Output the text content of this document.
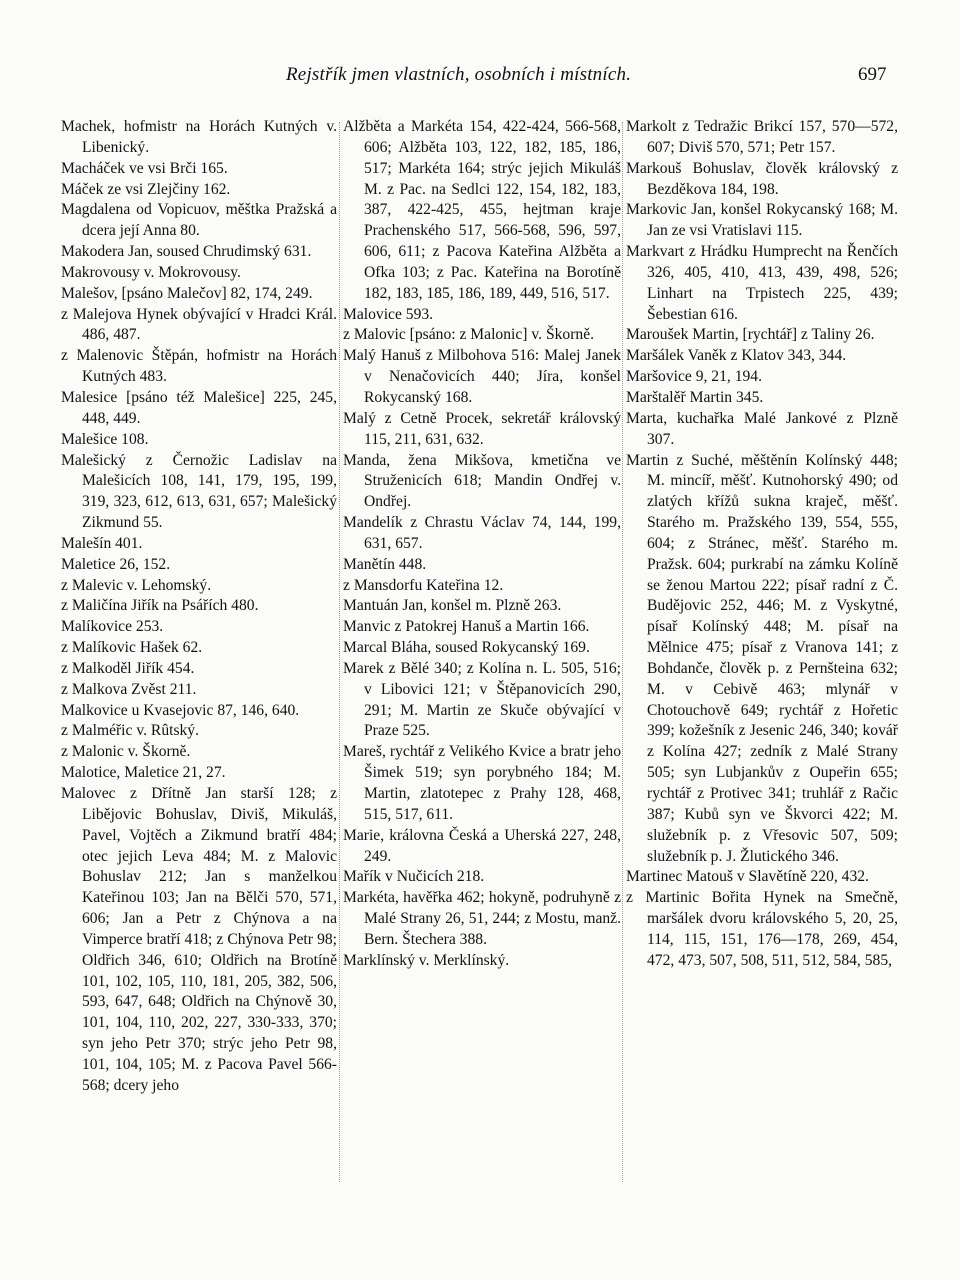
Rejstřík jmen vlastních, osobních i místních.	697
Machek, hofmistr na Horách Kutných v. Libenický.
Macháček ve vsi Brči 165.
Máček ze vsi Zlejčiny 162.
Magdalena od Vopicuov, měštka Pražská a dcera její Anna 80.
Makodera Jan, soused Chrudimský 631.
Makrovousy v. Mokrovousy.
Malešov, [psáno Malečov] 82, 174, 249.
z Malejova Hynek obývající v Hradci Král. 486, 487.
z Malenovic Štěpán, hofmistr na Horách Kutných 483.
Malesice [psáno též Malešice] 225, 245, 448, 449.
Malešice 108.
Malešický z Černožic Ladislav na Malešicích 108, 141, 179, 195, 199, 319, 323, 612, 613, 631, 657; Malešický Zikmund 55.
Malešín 401.
Maletice 26, 152.
z Malevic v. Lehomský.
z Maličína Jiřík na Psářích 480.
Malíkovice 253.
z Malíkovic Hašek 62.
z Malkoděl Jiřík 454.
z Malkova Zvěst 211.
Malkovice u Kvasejovic 87, 146, 640.
z Malméřic v. Rûtský.
z Malonic v. Škorně.
Malotice, Maletice 21, 27.
Malovec z Dřítně Jan starší 128; z Libějovic Bohuslav, Diviš, Mikuláš, Pavel, Vojtěch a Zikmund bratří 484; otec jejich Leva 484; M. z Malovic Bohuslav 212; Jan s manželkou Kateřinou 103; Jan na Bělči 570, 571, 606; Jan a Petr z Chýnova a na Vimperce bratří 418; z Chýnova Petr 98; Oldřich 346, 610; Oldřich na Brotíně 101, 102, 105, 110, 181, 205, 382, 506, 593, 647, 648; Oldřich na Chýnově 30, 101, 104, 110, 202, 227, 330-333, 370; syn jeho Petr 370; strýc jeho Petr 98, 101, 104, 105; M. z Pacova Pavel 566-568; dcery jeho
Alžběta a Markéta 154, 422-424, 566-568, 606; Alžběta 103, 122, 182, 185, 186, 517; Markéta 164; strýc jejich Mikuláš M. z Pac. na Sedlci 122, 154, 182, 183, 387, 422-425, 455, hejtman kraje Prachenského 517, 566-568, 596, 597, 606, 611; z Pacova Kateřina Alžběta a Ofka 103; z Pac. Kateřina na Borotíně 182, 183, 185, 186, 189, 449, 516, 517.
Malovice 593.
z Malovic [psáno: z Malonic] v. Škorně.
Malý Hanuš z Milbohova 516: Malej Janek v Nenačovicích 440; Jíra, konšel Rokycanský 168.
Malý z Cetně Procek, sekretář královský 115, 211, 631, 632.
Manda, žena Mikšova, kmetična ve Struženicích 618; Mandin Ondřej v. Ondřej.
Mandelík z Chrastu Václav 74, 144, 199, 631, 657.
Manětín 448.
z Mansdorfu Kateřina 12.
Mantuán Jan, konšel m. Plzně 263.
Manvic z Patokrej Hanuš a Martin 166.
Marcal Bláha, soused Rokycanský 169.
Marek z Bělé 340; z Kolína n. L. 505, 516; v Libovici 121; v Štěpanovicích 290, 291; M. Martin ze Skuče obývající v Praze 525.
Mareš, rychtář z Velikého Kvice a bratr jeho Šimek 519; syn porybného 184; M. Martin, zlatotepec z Prahy 128, 468, 515, 517, 611.
Marie, královna Česká a Uherská 227, 248, 249.
Mařík v Nučicích 218.
Markéta, havěřka 462; hokyně, podruhyně z Malé Strany 26, 51, 244; z Mostu, manž. Bern. Štechera 388.
Marklínský v. Merklínský.
Markolt z Tedražic Brikcí 157, 570—572, 607; Diviš 570, 571; Petr 157.
Markouš Bohuslav, člověk královský z Bezděkova 184, 198.
Markovic Jan, konšel Rokycanský 168; M. Jan ze vsi Vratislavi 115.
Markvart z Hrádku Humprecht na Řenčích 326, 405, 410, 413, 439, 498, 526; Linhart na Trpistech 225, 439; Šebestian 616.
Maroušek Martin, [rychtář] z Taliny 26.
Maršálek Vaněk z Klatov 343, 344.
Maršovice 9, 21, 194.
Marštalěř Martin 345.
Marta, kuchařka Malé Jankové z Plzně 307.
Martin z Suché, měštěnín Kolínský 448; M. mincíř, měšť. Kutnohorský 490; od zlatých křížů sukna kraječ, měšť. Starého m. Pražského 139, 554, 555, 604; z Stránec, měšť. Starého m. Pražsk. 604; purkrabí na zámku Kolíně se ženou Martou 222; písař radní z Č. Budějovic 252, 446; M. z Vyskytné, písař Kolínský 448; M. písař na Mělnice 475; písař z Vranova 141; z Bohdanče, člověk p. z Pernšteina 632; M. v Cebivě 463; mlynář v Chotouchově 649; rychtář z Hořetic 399; kožešník z Jesenic 246, 340; kovář z Kolína 427; zedník z Malé Strany 505; syn Lubjankův z Oupeřin 655; rychtář z Protivec 341; truhlář z Račic 387; Kubů syn ve Škvorci 422; M. služebník p. z Vřesovic 507, 509; služebník p. J. Žlutického 346.
Martinec Matouš v Slavětíně 220, 432.
z Martinic Bořita Hynek na Smečně, maršálek dvoru královského 5, 20, 25, 114, 115, 151, 176—178, 269, 454, 472, 473, 507, 508, 511, 512, 584, 585,
